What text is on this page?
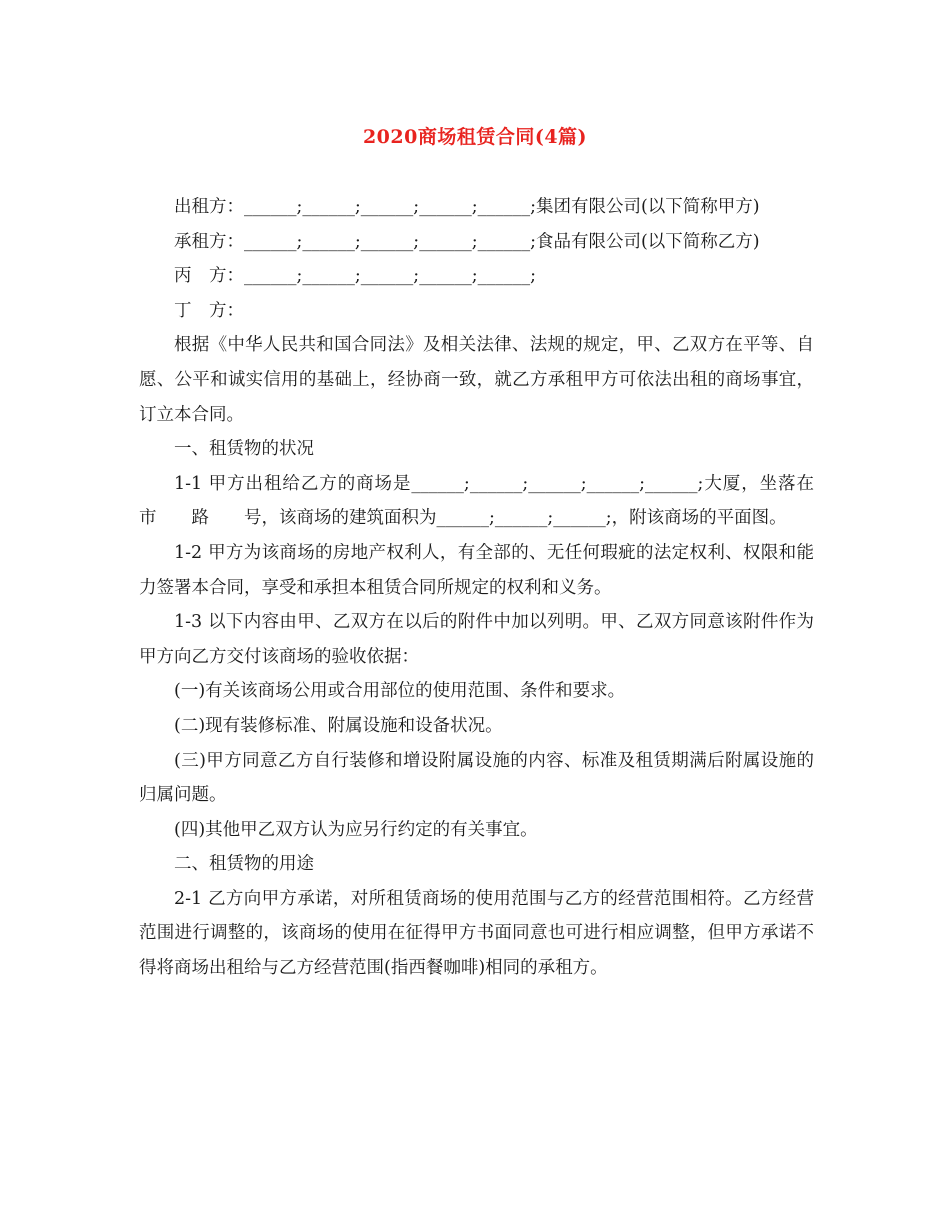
2020商场租赁合同(4篇)

出租方：______;______;______;______;______;集团有限公司(以下简称甲方)

承租方：______;______;______;______;______;食品有限公司(以下简称乙方)

丙　方：______;______;______;______;______;

丁　方：

根据《中华人民共和国合同法》及相关法律、法规的规定，甲、乙双方在平等、自愿、公平和诚实信用的基础上，经协商一致，就乙方承租甲方可依法出租的商场事宜，订立本合同。

一、租赁物的状况

1-1 甲方出租给乙方的商场是______;______;______;______;______;大厦，坐落在　　市　　路　　号，该商场的建筑面积为______;______;______;，附该商场的平面图。

1-2 甲方为该商场的房地产权利人，有全部的、无任何瑕疵的法定权利、权限和能力签署本合同，享受和承担本租赁合同所规定的权利和义务。

1-3 以下内容由甲、乙双方在以后的附件中加以列明。甲、乙双方同意该附件作为甲方向乙方交付该商场的验收依据：

(一)有关该商场公用或合用部位的使用范围、条件和要求。

(二)现有装修标准、附属设施和设备状况。

(三)甲方同意乙方自行装修和增设附属设施的内容、标准及租赁期满后附属设施的归属问题。

(四)其他甲乙双方认为应另行约定的有关事宜。

二、租赁物的用途

2-1 乙方向甲方承诺，对所租赁商场的使用范围与乙方的经营范围相符。乙方经营范围进行调整的，该商场的使用在征得甲方书面同意也可进行相应调整，但甲方承诺不得将商场出租给与乙方经营范围(指西餐咖啡)相同的承租方。
